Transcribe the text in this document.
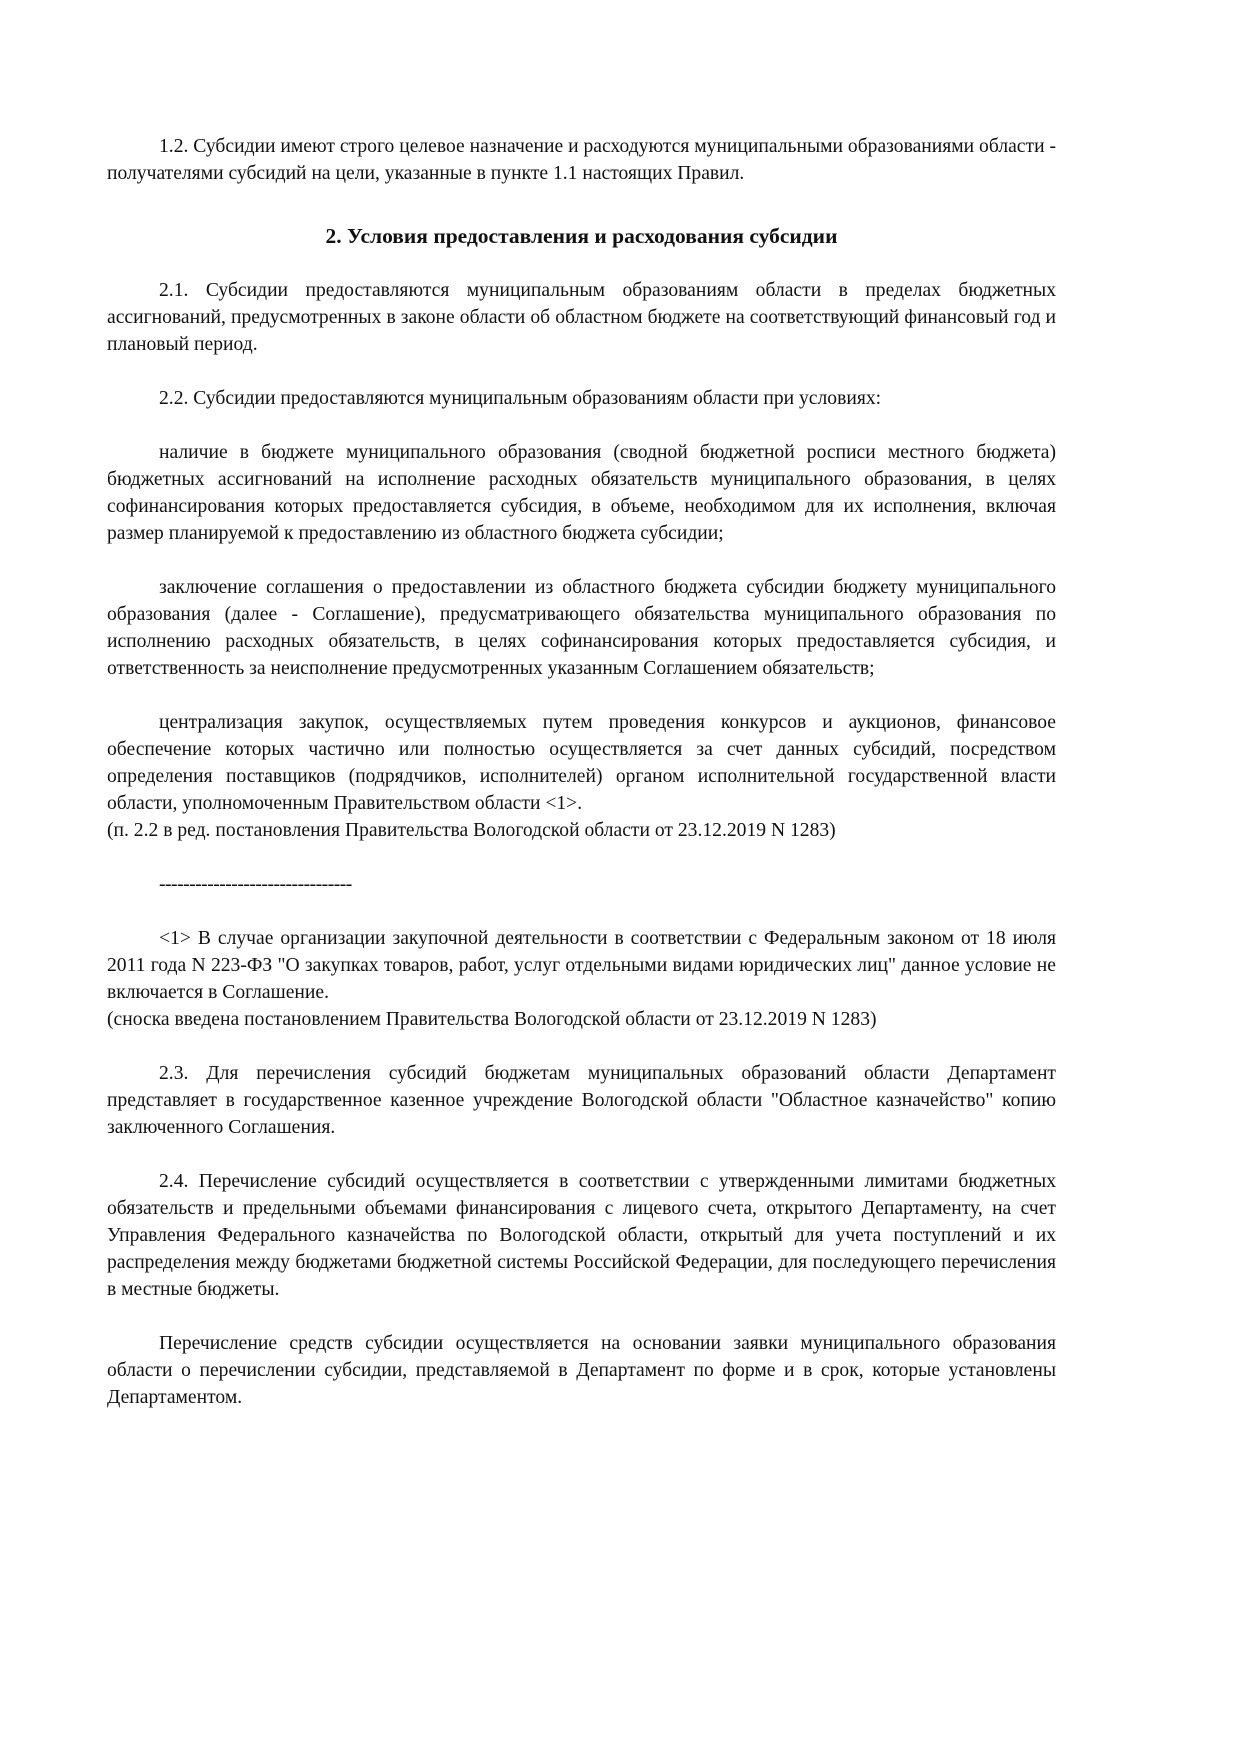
1.2. Субсидии имеют строго целевое назначение и расходуются муниципальными образованиями области - получателями субсидий на цели, указанные в пункте 1.1 настоящих Правил.

2. Условия предоставления и расходования субсидии

2.1. Субсидии предоставляются муниципальным образованиям области в пределах бюджетных ассигнований, предусмотренных в законе области об областном бюджете на соответствующий финансовый год и плановый период.

2.2. Субсидии предоставляются муниципальным образованиям области при условиях:

наличие в бюджете муниципального образования (сводной бюджетной росписи местного бюджета) бюджетных ассигнований на исполнение расходных обязательств муниципального образования, в целях софинансирования которых предоставляется субсидия, в объеме, необходимом для их исполнения, включая размер планируемой к предоставлению из областного бюджета субсидии;

заключение соглашения о предоставлении из областного бюджета субсидии бюджету муниципального образования (далее - Соглашение), предусматривающего обязательства муниципального образования по исполнению расходных обязательств, в целях софинансирования которых предоставляется субсидия, и ответственность за неисполнение предусмотренных указанным Соглашением обязательств;

централизация закупок, осуществляемых путем проведения конкурсов и аукционов, финансовое обеспечение которых частично или полностью осуществляется за счет данных субсидий, посредством определения поставщиков (подрядчиков, исполнителей) органом исполнительной государственной власти области, уполномоченным Правительством области <1>.

(п. 2.2 в ред. постановления Правительства Вологодской области от 23.12.2019 N 1283)

--------------------------------

<1> В случае организации закупочной деятельности в соответствии с Федеральным законом от 18 июля 2011 года N 223-ФЗ "О закупках товаров, работ, услуг отдельными видами юридических лиц" данное условие не включается в Соглашение.

(сноска введена постановлением Правительства Вологодской области от 23.12.2019 N 1283)

2.3. Для перечисления субсидий бюджетам муниципальных образований области Департамент представляет в государственное казенное учреждение Вологодской области "Областное казначейство" копию заключенного Соглашения.

2.4. Перечисление субсидий осуществляется в соответствии с утвержденными лимитами бюджетных обязательств и предельными объемами финансирования с лицевого счета, открытого Департаменту, на счет Управления Федерального казначейства по Вологодской области, открытый для учета поступлений и их распределения между бюджетами бюджетной системы Российской Федерации, для последующего перечисления в местные бюджеты.

Перечисление средств субсидии осуществляется на основании заявки муниципального образования области о перечислении субсидии, представляемой в Департамент по форме и в срок, которые установлены Департаментом.
